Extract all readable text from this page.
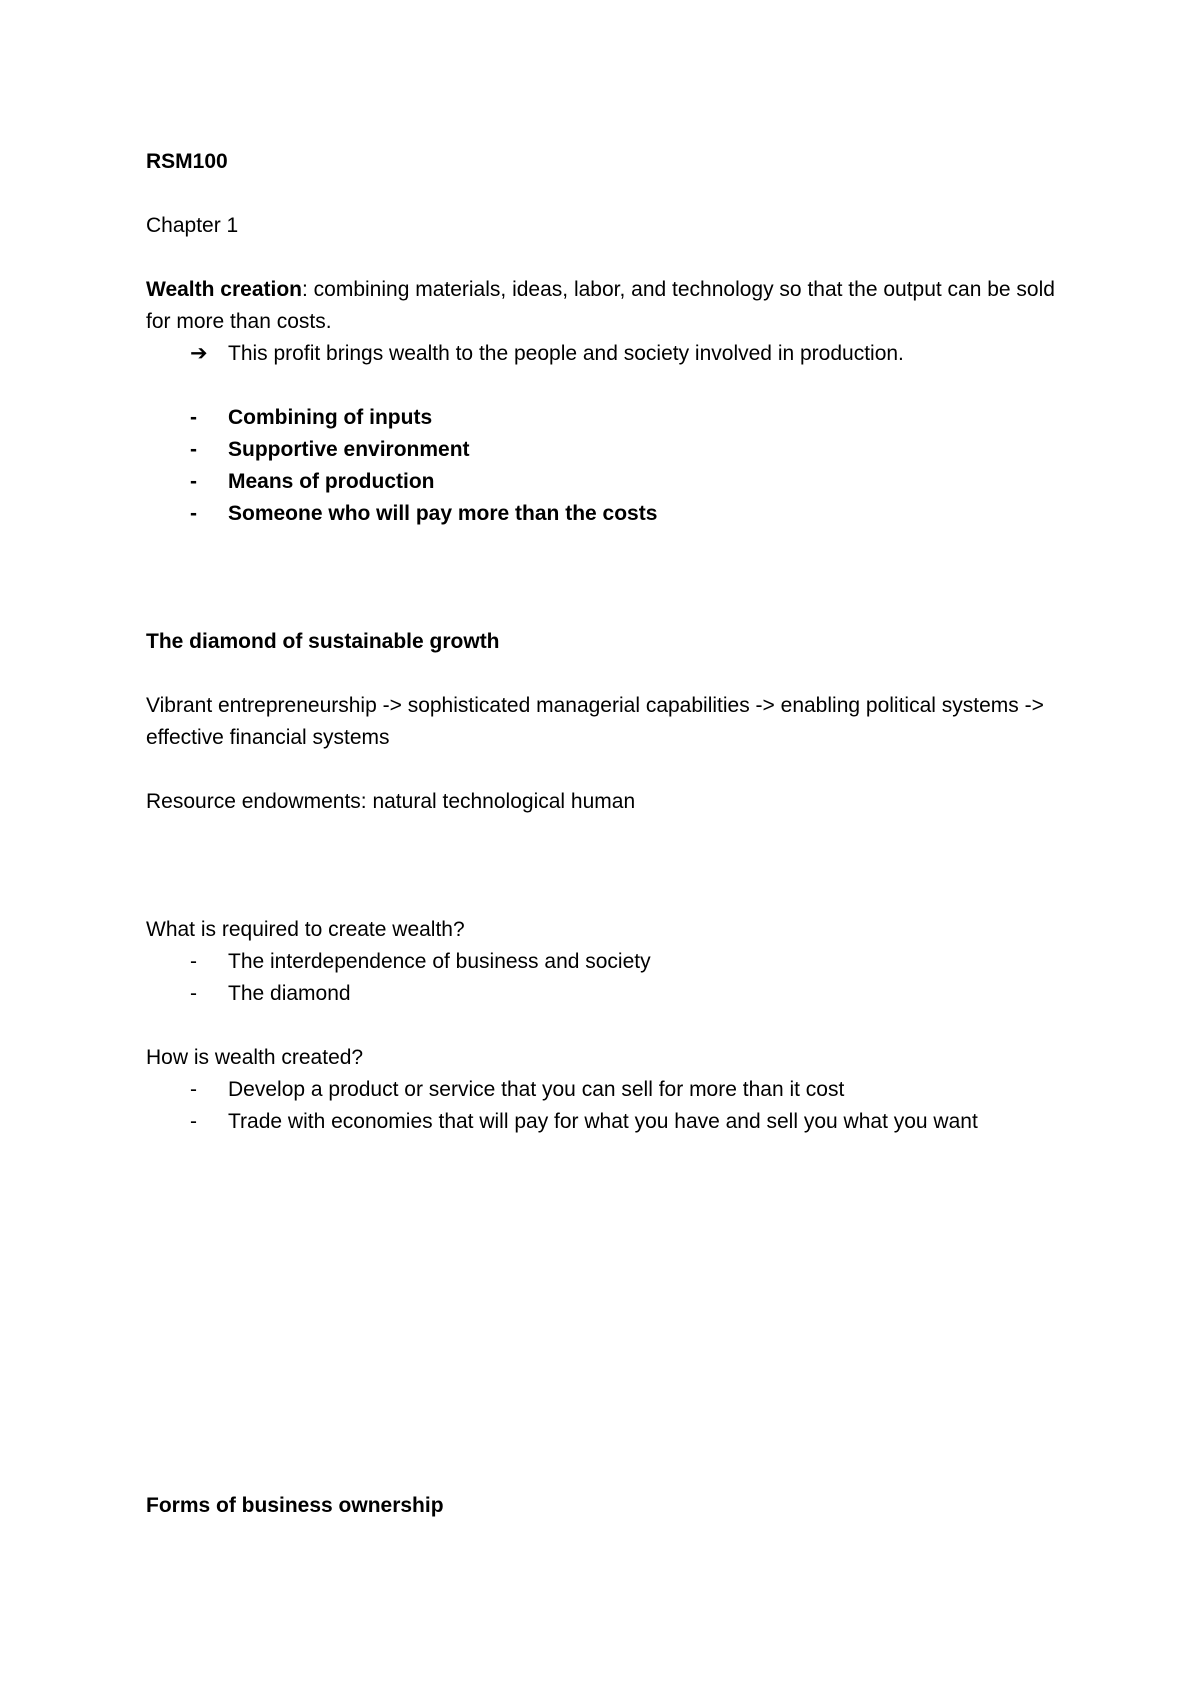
RSM100
Chapter 1
Wealth creation: combining materials, ideas, labor, and technology so that the output can be sold for more than costs.
➔ This profit brings wealth to the people and society involved in production.
- Combining of inputs
- Supportive environment
- Means of production
- Someone who will pay more than the costs
The diamond of sustainable growth
Vibrant entrepreneurship -> sophisticated managerial capabilities -> enabling political systems -> effective financial systems
Resource endowments: natural technological human
What is required to create wealth?
- The interdependence of business and society
- The diamond
How is wealth created?
- Develop a product or service that you can sell for more than it cost
- Trade with economies that will pay for what you have and sell you what you want
Forms of business ownership
